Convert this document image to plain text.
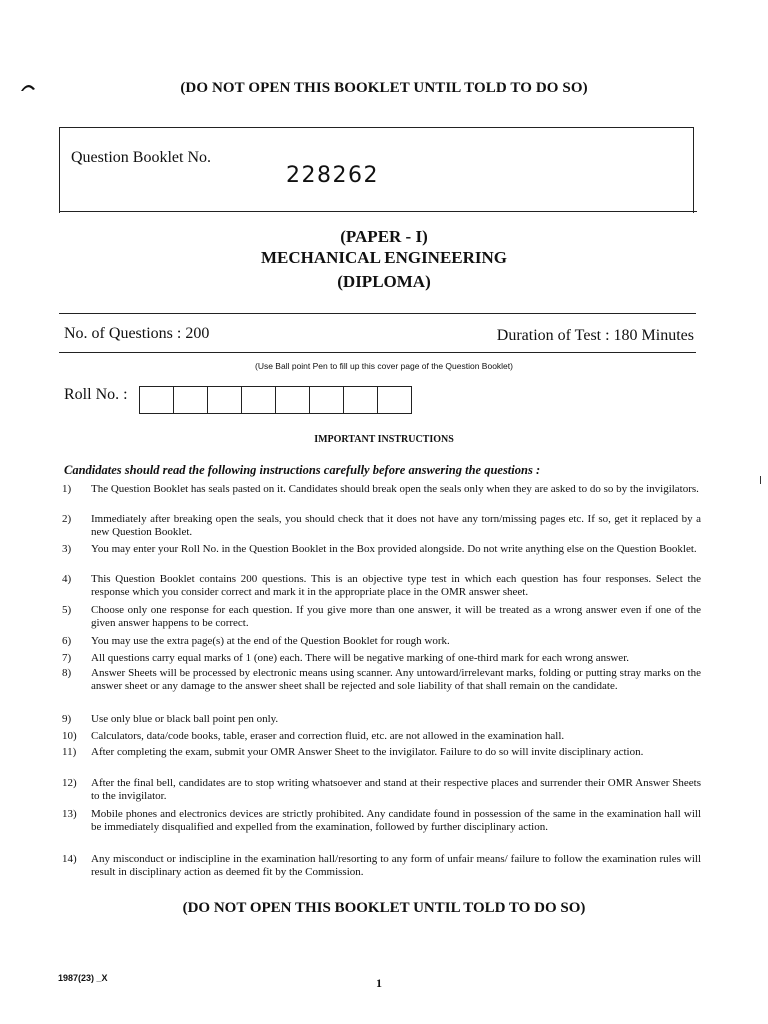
(DO NOT OPEN THIS BOOKLET UNTIL TOLD TO DO SO)
Question Booklet No.
228262
(PAPER - I)
MECHANICAL ENGINEERING
(DIPLOMA)
No. of Questions : 200	Duration of Test : 180 Minutes
(Use Ball point Pen to fill up this cover page of the Question Booklet)
Roll No. :
IMPORTANT INSTRUCTIONS
Candidates should read the following instructions carefully before answering the questions :
1)	The Question Booklet has seals pasted on it. Candidates should break open the seals only when they are asked to do so by the invigilators.
2)	Immediately after breaking open the seals, you should check that it does not have any torn/missing pages etc. If so, get it replaced by a new Question Booklet.
3)	You may enter your Roll No. in the Question Booklet in the Box provided alongside. Do not write anything else on the Question Booklet.
4)	This Question Booklet contains 200 questions. This is an objective type test in which each question has four responses. Select the response which you consider correct and mark it in the appropriate place in the OMR answer sheet.
5)	Choose only one response for each question. If you give more than one answer, it will be treated as a wrong answer even if one of the given answer happens to be correct.
6)	You may use the extra page(s) at the end of the Question Booklet for rough work.
7)	All questions carry equal marks of 1 (one) each. There will be negative marking of one-third mark for each wrong answer.
8)	Answer Sheets will be processed by electronic means using scanner. Any untoward/irrelevant marks, folding or putting stray marks on the answer sheet or any damage to the answer sheet shall be rejected and sole liability of that shall remain on the candidate.
9)	Use only blue or black ball point pen only.
10)	Calculators, data/code books, table, eraser and correction fluid, etc. are not allowed in the examination hall.
11)	After completing the exam, submit your OMR Answer Sheet to the invigilator. Failure to do so will invite disciplinary action.
12)	After the final bell, candidates are to stop writing whatsoever and stand at their respective places and surrender their OMR Answer Sheets to the invigilator.
13)	Mobile phones and electronics devices are strictly prohibited. Any candidate found in possession of the same in the examination hall will be immediately disqualified and expelled from the examination, followed by further disciplinary action.
14)	Any misconduct or indiscipline in the examination hall/resorting to any form of unfair means/ failure to follow the examination rules will result in disciplinary action as deemed fit by the Commission.
(DO NOT OPEN THIS BOOKLET UNTIL TOLD TO DO SO)
1987(23) _X	1
